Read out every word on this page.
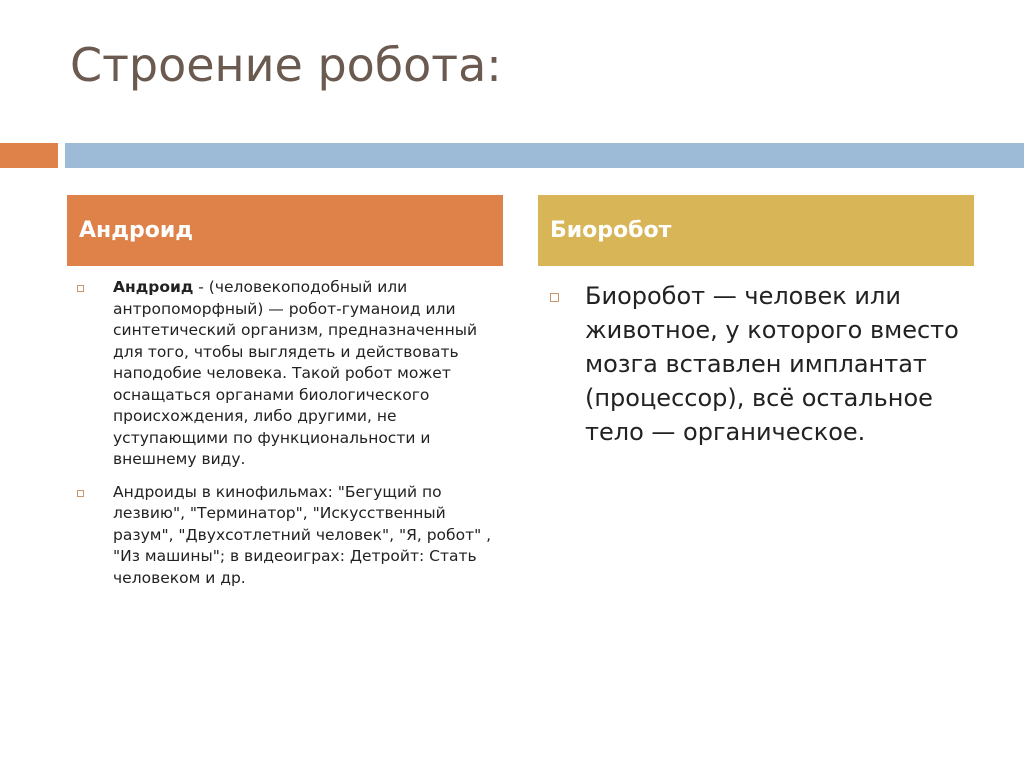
Строение робота:
Андроид	Биоробот
Андроид - (человекоподобный или антропоморфный) — робот-гуманоид или синтетический организм, предназначенный для того, чтобы выглядеть и действовать наподобие человека. Такой робот может оснащаться органами биологического происхождения, либо другими, не уступающими по функциональности и внешнему виду.
Андроиды в кинофильмах: "Бегущий по лезвию", "Терминатор", "Искусственный разум", "Двухсотлетний человек", "Я, робот" , "Из машины"; в видеоиграх: Детройт: Стать человеком и др.
Биоробот — человек или животное, у которого вместо мозга вставлен имплантат (процессор), всё остальное тело — органическое.
